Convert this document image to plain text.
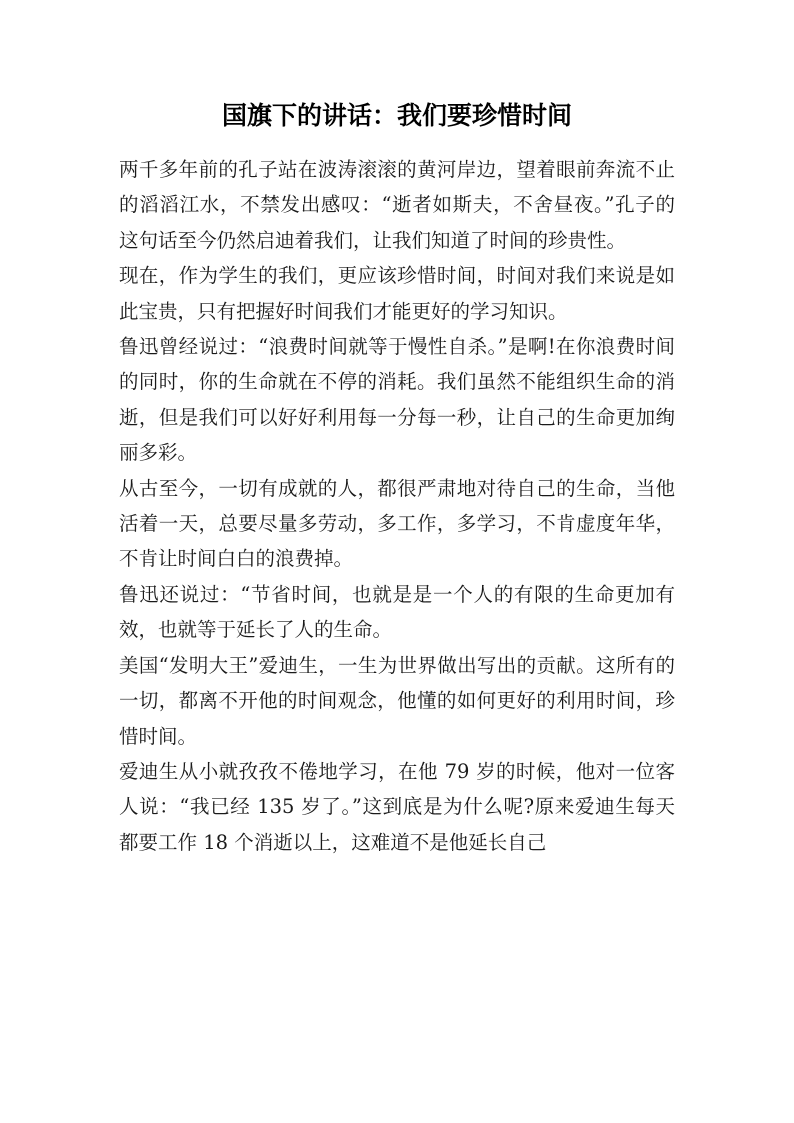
国旗下的讲话：我们要珍惜时间

两千多年前的孔子站在波涛滚滚的黄河岸边，望着眼前奔流不止的滔滔江水，不禁发出感叹：“逝者如斯夫，不舍昼夜。”孔子的这句话至今仍然启迪着我们，让我们知道了时间的珍贵性。

现在，作为学生的我们，更应该珍惜时间，时间对我们来说是如此宝贵，只有把握好时间我们才能更好的学习知识。

鲁迅曾经说过：“浪费时间就等于慢性自杀。”是啊!在你浪费时间的同时，你的生命就在不停的消耗。我们虽然不能组织生命的消逝，但是我们可以好好利用每一分每一秒，让自己的生命更加绚丽多彩。

从古至今，一切有成就的人，都很严肃地对待自己的生命，当他活着一天，总要尽量多劳动，多工作，多学习，不肯虚度年华，不肯让时间白白的浪费掉。

鲁迅还说过：“节省时间，也就是是一个人的有限的生命更加有效，也就等于延长了人的生命。

美国“发明大王”爱迪生，一生为世界做出写出的贡献。这所有的一切，都离不开他的时间观念，他懂的如何更好的利用时间，珍惜时间。

爱迪生从小就孜孜不倦地学习，在他 79 岁的时候，他对一位客人说：“我已经 135 岁了。”这到底是为什么呢?原来爱迪生每天都要工作 18 个消逝以上，这难道不是他延长自己
